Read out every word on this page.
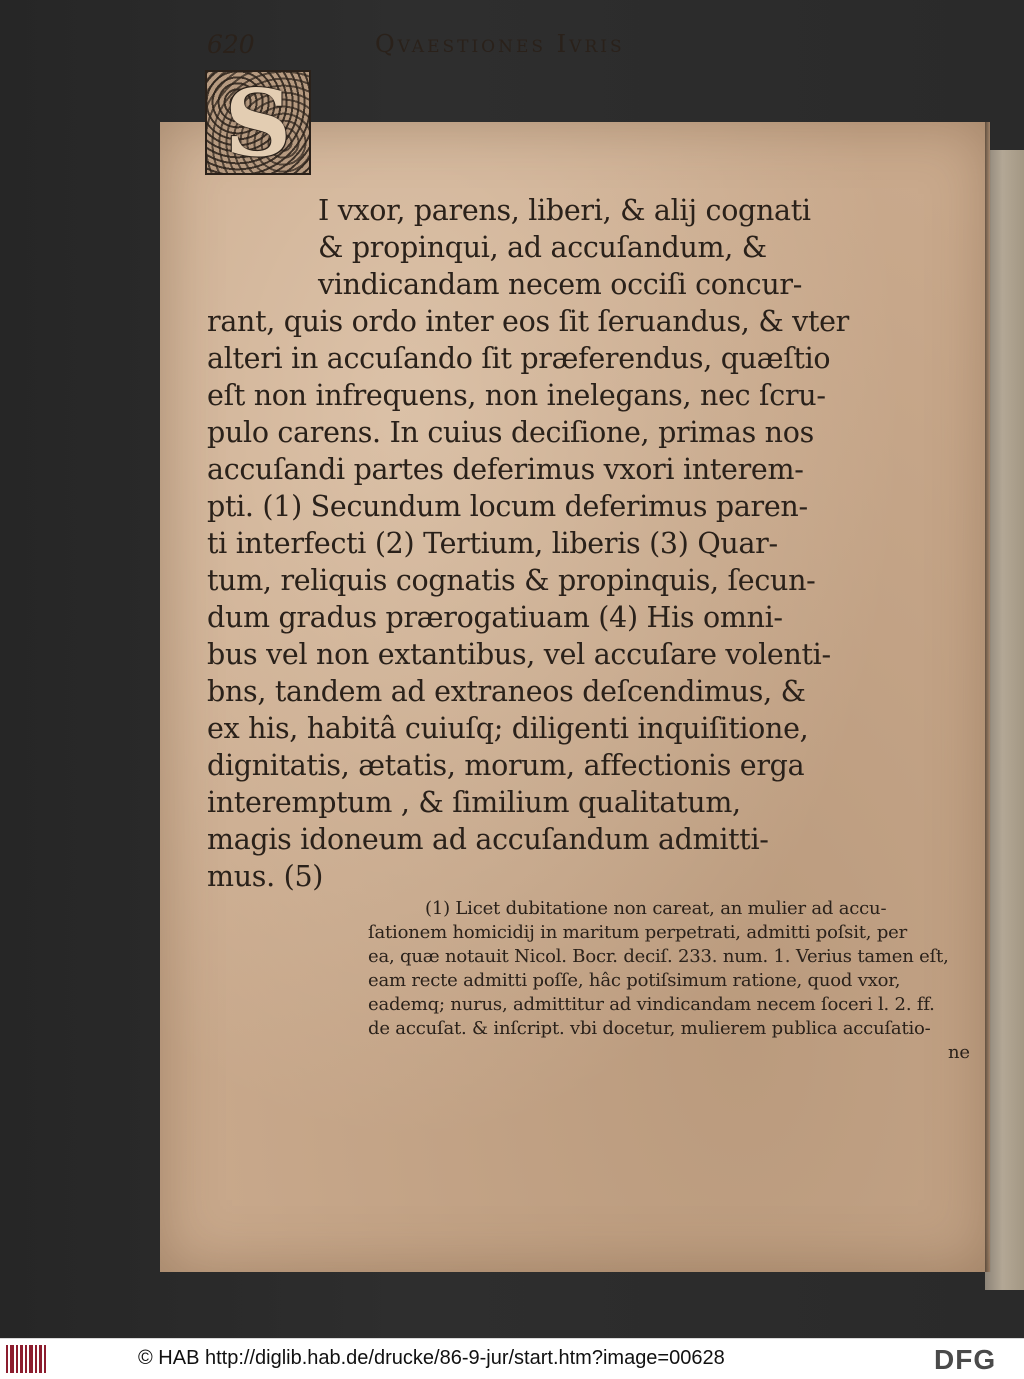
620	Qvaestiones Ivris
S
I vxor, parens, liberi, & alij cognati
& propinqui, ad accuſandum, &
vindicandam necem occiſi concur-
rant, quis ordo inter eos ſit ſeruandus, & vter
alteri in accuſando ſit præferendus, quæſtio
eſt non infrequens, non inelegans, nec ſcru-
pulo carens. In cuius deciſione, primas nos
accuſandi partes deferimus vxori interem-
pti. (1) Secundum locum deferimus paren-
ti interfecti (2) Tertium, liberis (3) Quar-
tum, reliquis cognatis & propinquis, ſecun-
dum gradus prærogatiuam (4) His omni-
bus vel non extantibus, vel accuſare volenti-
bns, tandem ad extraneos deſcendimus, &
ex his, habitâ cuiuſq; diligenti inquiſitione,
dignitatis, ætatis, morum, affectionis erga
interemptum , & ſimilium qualitatum,
magis idoneum ad accuſandum admitti-
mus. (5)
(1) Licet dubitatione non careat, an mulier ad accu-
ſationem homicidij in maritum perpetrati, admitti poſsit, per
ea, quæ notauit Nicol. Bocr. deciſ. 233. num. 1. Verius tamen eſt,
eam recte admitti poſſe, hâc potiſsimum ratione, quod vxor,
eademq; nurus, admittitur ad vindicandam necem ſoceri l. 2. ff.
de accuſat. & inſcript. vbi docetur, mulierem publica accuſatio-
ne
© HAB http://diglib.hab.de/drucke/86-9-jur/start.htm?image=00628	DFG
